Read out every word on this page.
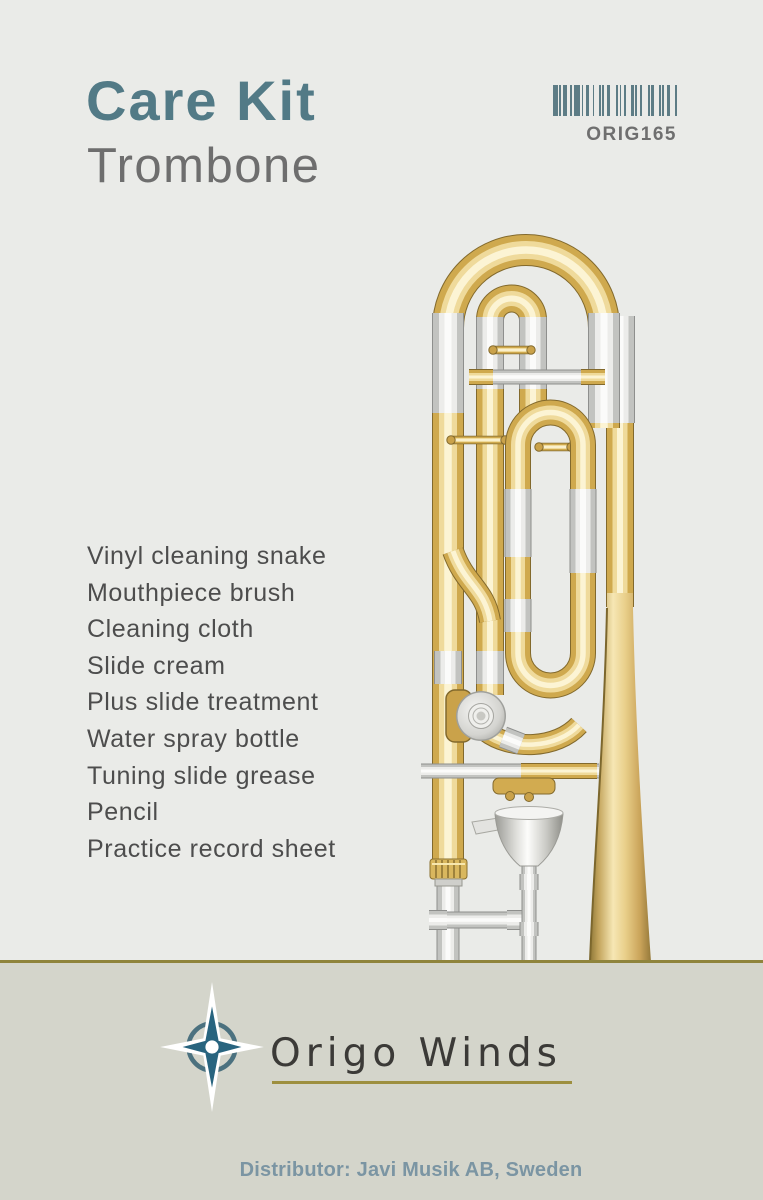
Care Kit
Trombone
ORIG165
Vinyl cleaning snake
Mouthpiece brush
Cleaning cloth
Slide cream
Plus slide treatment
Water spray bottle
Tuning slide grease
Pencil
Practice record sheet
Origo Winds
Distributor: Javi Musik AB, Sweden
